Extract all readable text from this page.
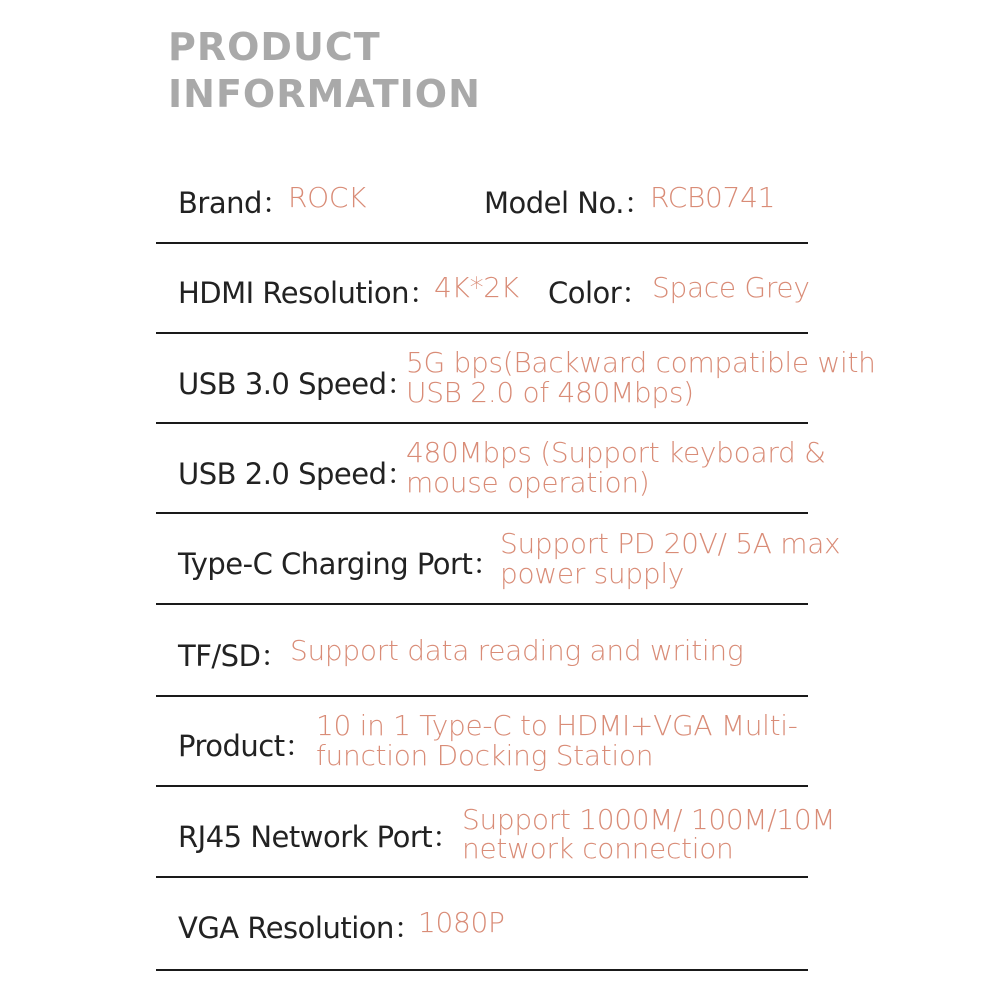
PRODUCT
INFORMATION
Brand：
ROCK	Model No.：
RCB0741
HDMI Resolution：
4K*2K Color： Space Grey
USB 3.0 Speed：
5G bps(Backward compatible with
USB 2.0 of 480Mbps)
USB 2.0 Speed：
480Mbps (Support keyboard &
mouse operation)
Type-C Charging Port：
Support PD 20V/ 5A max
power supply
TF/SD： Support data reading and writing
Product：
10 in 1 Type-C to HDMI+VGA Multi-
function Docking Station
RJ45 Network Port：
Support 1000M/ 100M/10M
network connection
VGA Resolution：
1080P
